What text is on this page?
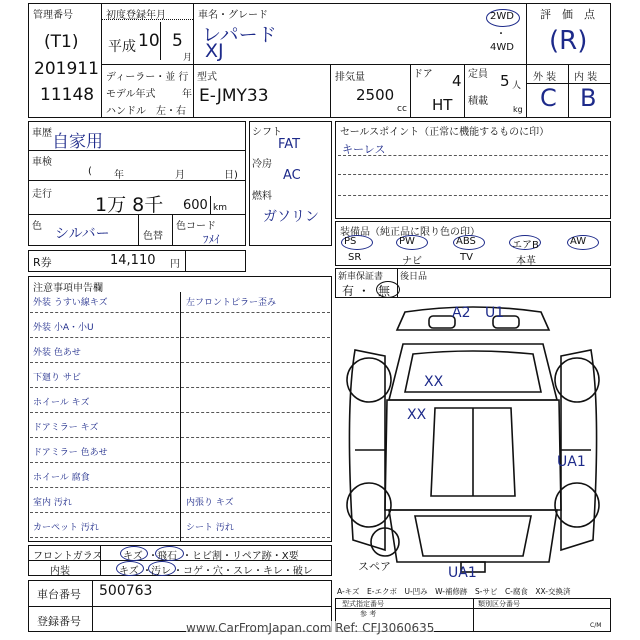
管理番号
(T1)
201911
11148
初度登録年月
平成 10 5
月
車名・グレード
レパード
XJ
2WD
・
4WD
ディーラー・並 行
モデル年式	年
ハンドル　左・右
型式
E-JMY33
排気量
2500
cc
ドア 4
HT
定員 5 人
積載
kg
評　価　点
(R)
外 装 内 装
C B
車歴 自家用
車検
( 年	月	日)
走行 1万 8千 600 km
色 シルバー	色替
色コード
ﾌﾒｲ
シフト
FAT
冷房
AC
燃料
ガソリン
R券	14,110 円
セールスポイント（正常に機能するものに印）
キーレス
装備品（純正品に限り色の印）
PS	PW	ABS	エアB	AW
SR	ナビ	TV	本革
新車保証書
有 ・ 無
後日品
注意事項申告欄
外装 うすい線キズ	左フロントピラー歪み
外装 小A・小U
外装 色あせ
下廻り サビ
ホイール キズ
ドアミラー キズ
ドアミラー 色あせ
ホイール 腐食
室内 汚れ	内張り キズ
カーペット 汚れ	シート 汚れ
フロントガラス キズ ・ 飛石 ・ヒビ割・リペア跡・X要
内装	キズ ・ 汚レ ・コゲ・穴・スレ・キレ・破レ
車台番号 500763
登録番号
A2 U1
XX
XX
UA1
UA1
スペア
A-キズ　E-エクボ　U-凹み　W-補修跡　S-サビ　C-腐食　XX-交換済
型式指定番号
参 考
類別区分番号
C/M
www.CarFromJapan.com Ref: CFJ3060635
